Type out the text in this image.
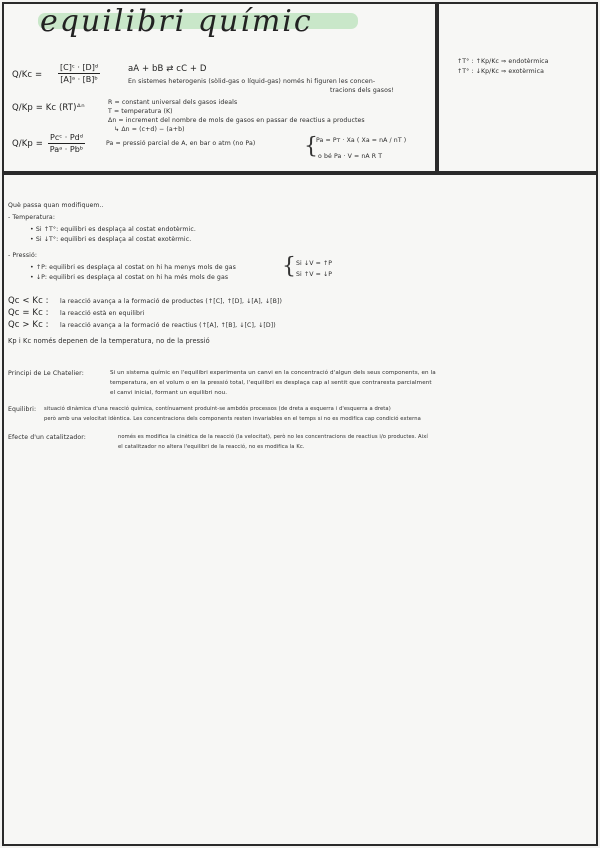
equilibri químic
$Q/Kc = \frac{\text{[C]ᶜ · [D]ᵈ}}{\text{[A]ᵃ · [B]ᵇ}}$	aA + bB ⇄ cC + D
En sistemes heterogenis (sòlid-gas o líquid-gas) només hi figuren les concen-
tracions dels gasos!
Q/Kp = Kc (RT)ᐞⁿ
R = constant universal dels gasos ideals
T = temperatura (K)
Δn = increment del nombre de mols de gasos en passar de reactius a productes
↳ Δn = (c+d) − (a+b)
Q/Kp =
Pcᶜ · Pdᵈ
Paᵃ · Pbᵇ
Pa = pressió parcial de A, en bar o atm (no Pa) {
Pa = Pт · Xa ( Xa = nA / nT )
o bé Pa · V = nA R T
↑T° : ↑Kp/Kc ⇒ endotèrmica
↑T° : ↓Kp/Kc ⇒ exotèrmica
Què passa quan modifiquem..
- Temperatura:
• Si ↑T°: equilibri es desplaça al costat endotèrmic.
• Si ↓T°: equilibri es desplaça al costat exotèrmic.
- Pressió:
• ↑P: equilibri es desplaça al costat on hi ha menys mols de gas
• ↓P: equilibri es desplaça al costat on hi ha més mols de gas { Si ↓V = ↑P
Si ↑V = ↓P
Qc < Kc : la reacció avança a la formació de productes (↑[C], ↑[D], ↓[A], ↓[B])
Qc = Kc : la reacció està en equilibri
Qc > Kc : la reacció avança a la formació de reactius (↑[A], ↑[B], ↓[C], ↓[D])
Kp i Kc només depenen de la temperatura, no de la pressió
Principi de Le Chatelier:	Si un sistema químic en l'equilibri experimenta un canvi en la concentració d'algun dels seus components, en la
temperatura, en el volum o en la pressió total, l'equilibri es desplaça cap al sentit que contraresta parcialment
el canvi inicial, formant un equilibri nou.
Equilibri: situació dinàmica d'una reacció química, contínuament produint-se ambdós processos (de dreta a esquerra i d'esquerra a dreta)
però amb una velocitat idèntica. Les concentracions dels components resten invariables en el temps si no es modifica cap condició externa
Efecte d'un catalitzador:	només es modifica la cinètica de la reacció (la velocitat), però no les concentracions de reactius i/o productes. Així
el catalitzador no altera l'equilibri de la reacció, no es modifica la Kc.
